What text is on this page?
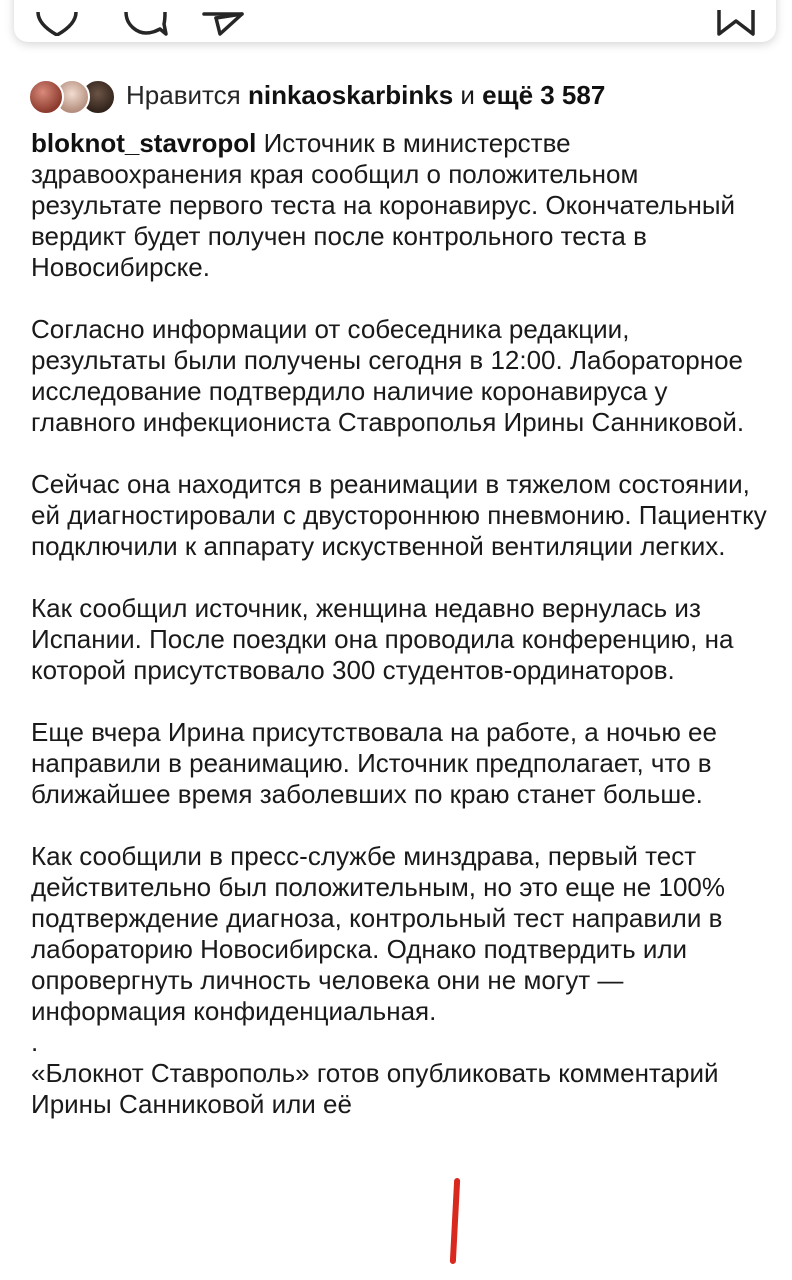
Нравится
ninkaoskarbinks
и
ещё 3 587

bloknot_stavropol Источник в министерстве здравоохранения края сообщил о положительном результате первого теста на коронавирус. Окончательный вердикт будет получен после контрольного теста в Новосибирске.

Согласно информации от собеседника редакции, результаты были получены сегодня в 12:00. Лабораторное исследование подтвердило наличие коронавируса у главного инфекциониста Ставрополья Ирины Санниковой.

Сейчас она находится в реанимации в тяжелом состоянии, ей диагностировали с двустороннюю пневмонию. Пациентку подключили к аппарату искуственной вентиляции легких.

Как сообщил источник, женщина недавно вернулась из Испании. После поездки она проводила конференцию, на которой присутствовало 300 студентов-ординаторов.

Еще вчера Ирина присутствовала на работе, а ночью ее направили в реанимацию. Источник предполагает, что в ближайшее время заболевших по краю станет больше.

Как сообщили в пресс-службе минздрава, первый тест действительно был положительным, но это еще не 100% подтверждение диагноза, контрольный тест направили в лабораторию Новосибирска. Однако подтвердить или опровергнуть личность человека они не могут — информация конфиденциальная.

.

«Блокнот Ставрополь» готов опубликовать комментарий Ирины Санниковой или её
